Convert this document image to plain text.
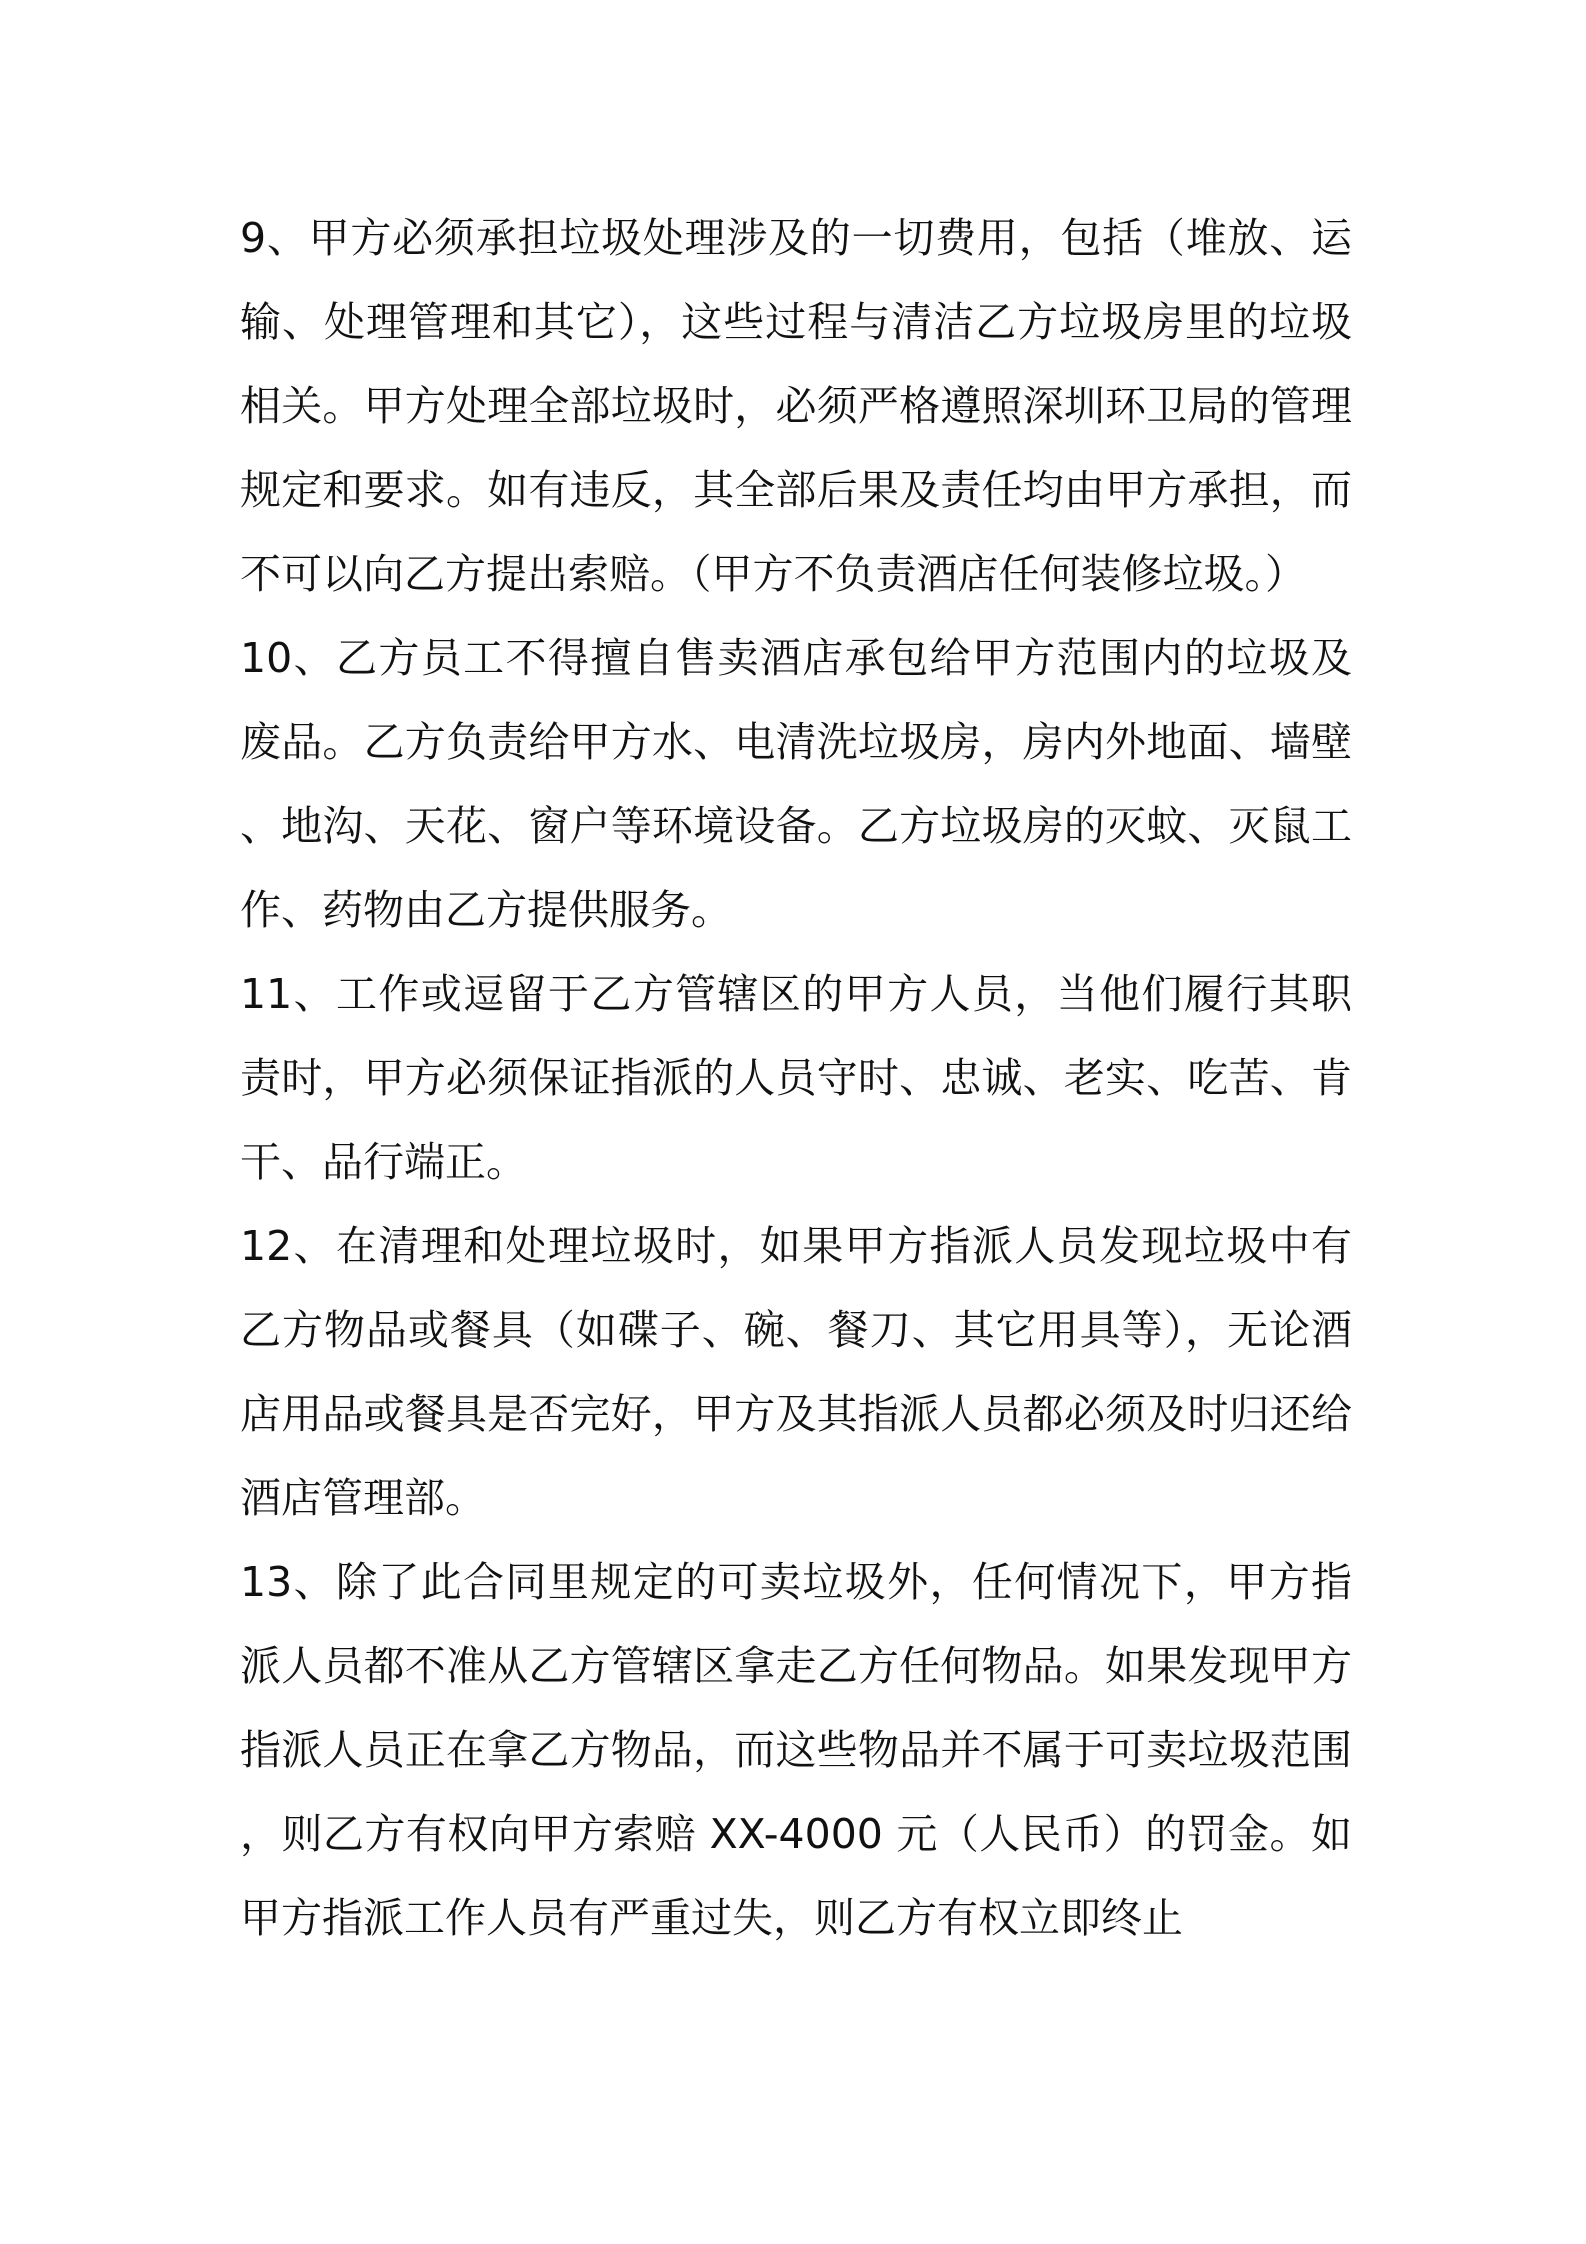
9、甲方必须承担垃圾处理涉及的一切费用，包括（堆放、运输、处理管理和其它），这些过程与清洁乙方垃圾房里的垃圾相关。甲方处理全部垃圾时，必须严格遵照深圳环卫局的管理规定和要求。如有违反，其全部后果及责任均由甲方承担，而不可以向乙方提出索赔。（甲方不负责酒店任何装修垃圾。）

10、乙方员工不得擅自售卖酒店承包给甲方范围内的垃圾及废品。乙方负责给甲方水、电清洗垃圾房，房内外地面、墙壁、地沟、天花、窗户等环境设备。乙方垃圾房的灭蚊、灭鼠工作、药物由乙方提供服务。

11、工作或逗留于乙方管辖区的甲方人员，当他们履行其职责时，甲方必须保证指派的人员守时、忠诚、老实、吃苦、肯干、品行端正。

12、在清理和处理垃圾时，如果甲方指派人员发现垃圾中有乙方物品或餐具（如碟子、碗、餐刀、其它用具等），无论酒店用品或餐具是否完好，甲方及其指派人员都必须及时归还给酒店管理部。

13、除了此合同里规定的可卖垃圾外，任何情况下，甲方指派人员都不准从乙方管辖区拿走乙方任何物品。如果发现甲方指派人员正在拿乙方物品，而这些物品并不属于可卖垃圾范围，则乙方有权向甲方索赔 XX-4000 元（人民币）的罚金。如甲方指派工作人员有严重过失，则乙方有权立即终止
